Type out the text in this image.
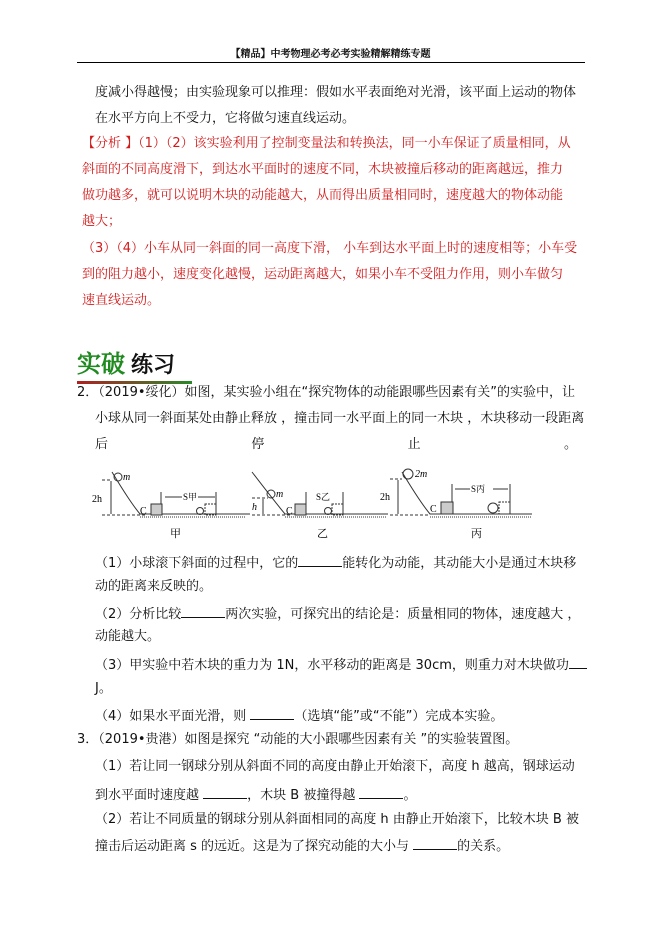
【精品】中考物理必考必考实验精解精练专题
度减小得越慢；由实验现象可以推理：假如水平表面绝对光滑，该平面上运动的物体
在水平方向上不受力，它将做匀速直线运动。
【分析 】（1）（2）该实验利用了控制变量法和转换法，同一小车保证了质量相同，从
斜面的不同高度滑下，到达水平面时的速度不同，木块被撞后移动的距离越远，推力
做功越多，就可以说明木块的动能越大，从而得出质量相同时，速度越大的物体动能
越大；
（3）（4）小车从同一斜面的同一高度下滑， 小车到达水平面上时的速度相等；小车受
到的阻力越小，速度变化越慢，运动距离越大，如果小车不受阻力作用，则小车做匀
速直线运动。
实破 练习
2．（2019•绥化）如图，某实验小组在“探究物体的动能跟哪些因素有关”的实验中，让
小球从同一斜面某处由静止释放 ，撞击同一水平面上的同一木块 ，木块移动一段距离
后	停	止	。
m
2h
C
S甲
甲
m
h	C
S乙
乙
2m
2h
C
S丙
丙
（1）小球滚下斜面的过程中，它的	能转化为动能，其动能大小是通过木块移
动的距离来反映的。
（2）分析比较	两次实验，可探究出的结论是：质量相同的物体，速度越大 ，
动能越大。
（3）甲实验中若木块的重力为 1N，水平移动的距离是 30cm，则重力对木块做功
J。
（4）如果水平面光滑，则	（选填“能”或“不能”）完成本实验。
3．（2019•贵港）如图是探究 “动能的大小跟哪些因素有关 ”的实验装置图。
（1）若让同一钢球分别从斜面不同的高度由静止开始滚下，高度 h 越高，钢球运动
到水平面时速度越	，木块 B 被撞得越	。
（2）若让不同质量的钢球分别从斜面相同的高度 h 由静止开始滚下，比较木块 B 被
撞击后运动距离 s 的远近。这是为了探究动能的大小与	的关系。
